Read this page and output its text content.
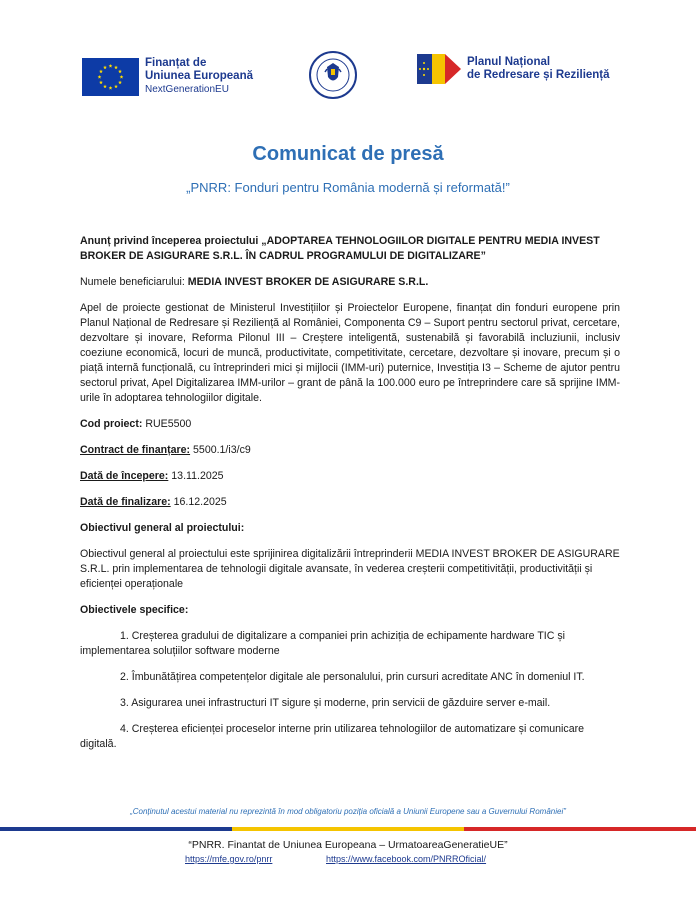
Finanțat de
Uniunea Europeană
NextGenerationEU
Planul Național
de Redresare și Reziliență
Comunicat de presă
„PNRR: Fonduri pentru România modernă și reformată!”

Anunț privind începerea proiectului „ADOPTAREA TEHNOLOGIILOR DIGITALE PENTRU MEDIA INVEST BROKER DE ASIGURARE S.R.L. ÎN CADRUL PROGRAMULUI DE DIGITALIZARE”

Numele beneficiarului: MEDIA INVEST BROKER DE ASIGURARE S.R.L.

Apel de proiecte gestionat de Ministerul Investițiilor și Proiectelor Europene, finanțat din fonduri europene prin Planul Național de Redresare și Reziliență al României, Componenta C9 – Suport pentru sectorul privat, cercetare, dezvoltare și inovare, Reforma Pilonul III – Creștere inteligentă, sustenabilă și favorabilă incluziunii, inclusiv coeziune economică, locuri de muncă, productivitate, competitivitate, cercetare, dezvoltare și inovare, precum și o piață internă funcțională, cu întreprinderi mici și mijlocii (IMM-uri) puternice, Investiția I3 – Scheme de ajutor pentru sectorul privat, Apel Digitalizarea IMM-urilor – grant de până la 100.000 euro pe întreprindere care să sprijine IMM-urile în adoptarea tehnologiilor digitale.

Cod proiect: RUE5500

Contract de finanțare: 5500.1/i3/c9

Dată de începere: 13.11.2025

Dată de finalizare: 16.12.2025

Obiectivul general al proiectului:

Obiectivul general al proiectului este sprijinirea digitalizării întreprinderii MEDIA INVEST BROKER DE ASIGURARE S.R.L. prin implementarea de tehnologii digitale avansate, în vederea creșterii competitivității, productivității și eficienței operaționale

Obiectivele specifice:

1. Creșterea gradului de digitalizare a companiei prin achiziția de echipamente hardware TIC și implementarea soluțiilor software moderne

2. Îmbunătățirea competențelor digitale ale personalului, prin cursuri acreditate ANC în domeniul IT.

3. Asigurarea unei infrastructuri IT sigure și moderne, prin servicii de găzduire server e-mail.

4. Creșterea eficienței proceselor interne prin utilizarea tehnologiilor de automatizare și comunicare digitală.

„Conținutul acestui material nu reprezintă în mod obligatoriu poziția oficială a Uniunii Europene sau a Guvernului României”
“PNRR. Finantat de Uniunea Europeana – UrmatoareaGeneratieUE”
https://mfe.gov.ro/pnrr	https://www.facebook.com/PNRROficial/
